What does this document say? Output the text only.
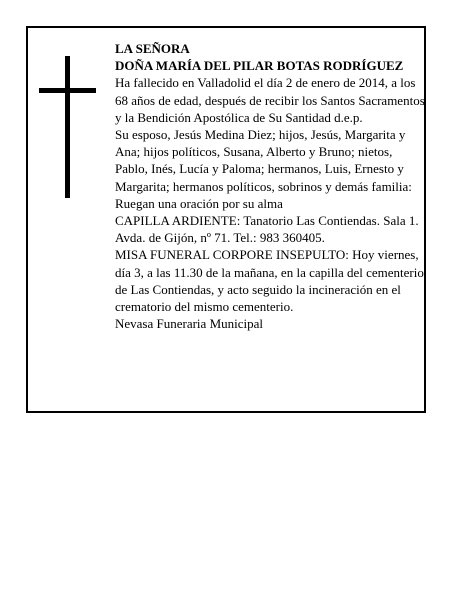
LA SEÑORA

DOÑA MARÍA DEL PILAR BOTAS RODRÍGUEZ

Ha fallecido en Valladolid el día 2 de enero de 2014, a los 68 años de edad, después de recibir los Santos Sacramentos y la Bendición Apostólica de Su Santidad d.e.p.

Su esposo, Jesús Medina Diez; hijos, Jesús, Margarita y Ana; hijos políticos, Susana, Alberto y Bruno; nietos, Pablo, Inés, Lucía y Paloma; hermanos, Luis, Ernesto y Margarita; hermanos políticos, sobrinos y demás familia:

Ruegan una oración por su alma

CAPILLA ARDIENTE: Tanatorio Las Contiendas. Sala 1. Avda. de Gijón, nº 71. Tel.: 983 360405.

MISA FUNERAL CORPORE INSEPULTO: Hoy viernes, día 3, a las 11.30 de la mañana, en la capilla del cementerio de Las Contiendas, y acto seguido la incineración en el crematorio del mismo cementerio.

Nevasa Funeraria Municipal
